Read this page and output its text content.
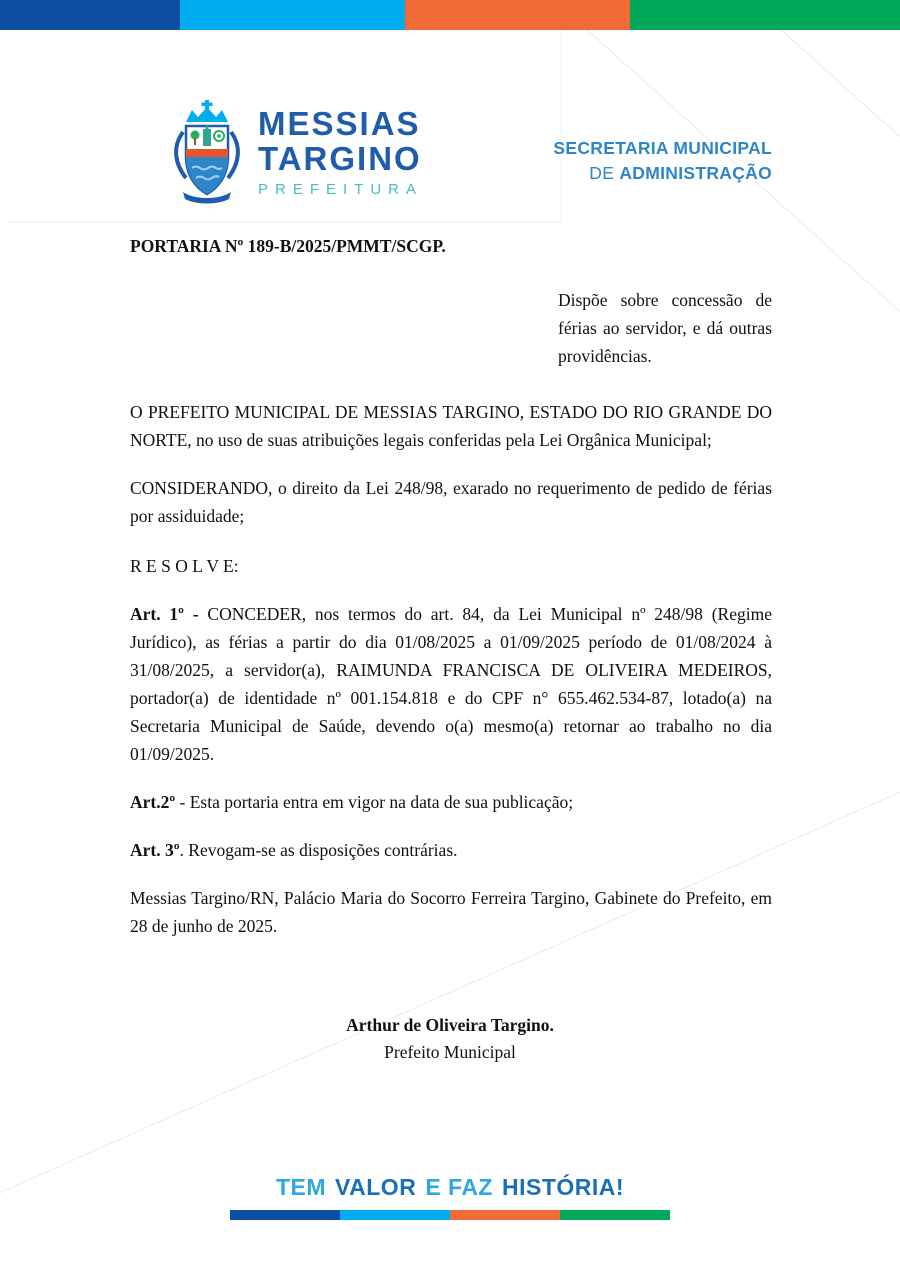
MESSIAS
TARGINO
PREFEITURA
SECRETARIA MUNICIPAL
DE ADMINISTRAÇÃO
PORTARIA Nº 189-B/2025/PMMT/SCGP.
Dispõe sobre concessão de férias ao servidor, e dá outras providências.

O PREFEITO MUNICIPAL DE MESSIAS TARGINO, ESTADO DO RIO GRANDE DO NORTE, no uso de suas atribuições legais conferidas pela Lei Orgânica Municipal;

CONSIDERANDO, o direito da Lei 248/98, exarado no requerimento de pedido de férias por assiduidade;

R E S O L V E:

Art. 1º - CONCEDER, nos termos do art. 84, da Lei Municipal nº 248/98 (Regime Jurídico), as férias a partir do dia 01/08/2025 a 01/09/2025 período de 01/08/2024 à 31/08/2025, a servidor(a), RAIMUNDA FRANCISCA DE OLIVEIRA MEDEIROS, portador(a) de identidade nº 001.154.818 e do CPF n° 655.462.534-87, lotado(a) na Secretaria Municipal de Saúde, devendo o(a) mesmo(a) retornar ao trabalho no dia 01/09/2025.

Art.2º - Esta portaria entra em vigor na data de sua publicação;

Art. 3º. Revogam-se as disposições contrárias.

Messias Targino/RN, Palácio Maria do Socorro Ferreira Targino, Gabinete do Prefeito, em 28 de junho de 2025.

Arthur de Oliveira Targino.
Prefeito Municipal
TEM VALOR E FAZ HISTÓRIA!
